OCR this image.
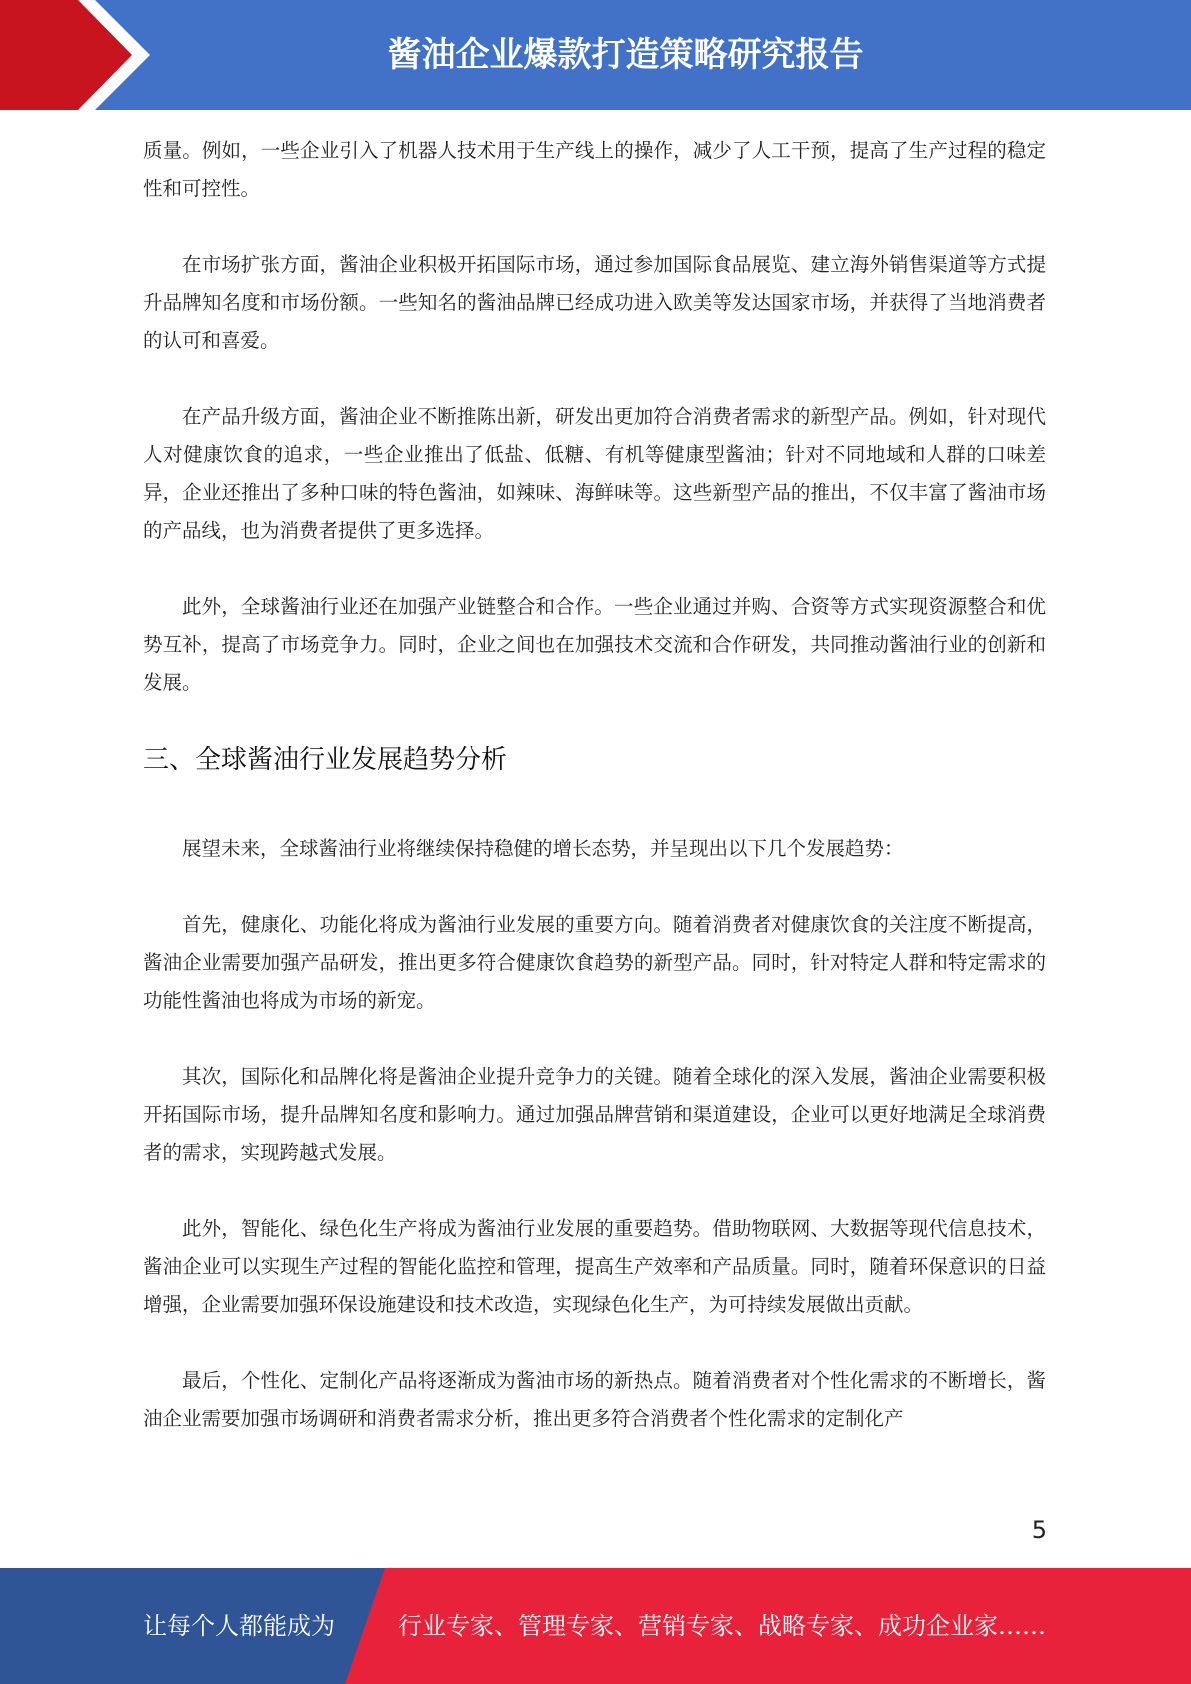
酱油企业爆款打造策略研究报告

质量。例如，一些企业引入了机器人技术用于生产线上的操作，减少了人工干预，提高了生产过程的稳定性和可控性。

在市场扩张方面，酱油企业积极开拓国际市场，通过参加国际食品展览、建立海外销售渠道等方式提升品牌知名度和市场份额。一些知名的酱油品牌已经成功进入欧美等发达国家市场，并获得了当地消费者的认可和喜爱。

在产品升级方面，酱油企业不断推陈出新，研发出更加符合消费者需求的新型产品。例如，针对现代人对健康饮食的追求，一些企业推出了低盐、低糖、有机等健康型酱油；针对不同地域和人群的口味差异，企业还推出了多种口味的特色酱油，如辣味、海鲜味等。这些新型产品的推出，不仅丰富了酱油市场的产品线，也为消费者提供了更多选择。

此外，全球酱油行业还在加强产业链整合和合作。一些企业通过并购、合资等方式实现资源整合和优势互补，提高了市场竞争力。同时，企业之间也在加强技术交流和合作研发，共同推动酱油行业的创新和发展。

三、全球酱油行业发展趋势分析

展望未来，全球酱油行业将继续保持稳健的增长态势，并呈现出以下几个发展趋势：

首先，健康化、功能化将成为酱油行业发展的重要方向。随着消费者对健康饮食的关注度不断提高，酱油企业需要加强产品研发，推出更多符合健康饮食趋势的新型产品。同时，针对特定人群和特定需求的功能性酱油也将成为市场的新宠。

其次，国际化和品牌化将是酱油企业提升竞争力的关键。随着全球化的深入发展，酱油企业需要积极开拓国际市场，提升品牌知名度和影响力。通过加强品牌营销和渠道建设，企业可以更好地满足全球消费者的需求，实现跨越式发展。

此外，智能化、绿色化生产将成为酱油行业发展的重要趋势。借助物联网、大数据等现代信息技术，酱油企业可以实现生产过程的智能化监控和管理，提高生产效率和产品质量。同时，随着环保意识的日益增强，企业需要加强环保设施建设和技术改造，实现绿色化生产，为可持续发展做出贡献。

最后，个性化、定制化产品将逐渐成为酱油市场的新热点。随着消费者对个性化需求的不断增长，酱油企业需要加强市场调研和消费者需求分析，推出更多符合消费者个性化需求的定制化产

5
让每个人都能成为	行业专家、管理专家、营销专家、战略专家、成功企业家……
